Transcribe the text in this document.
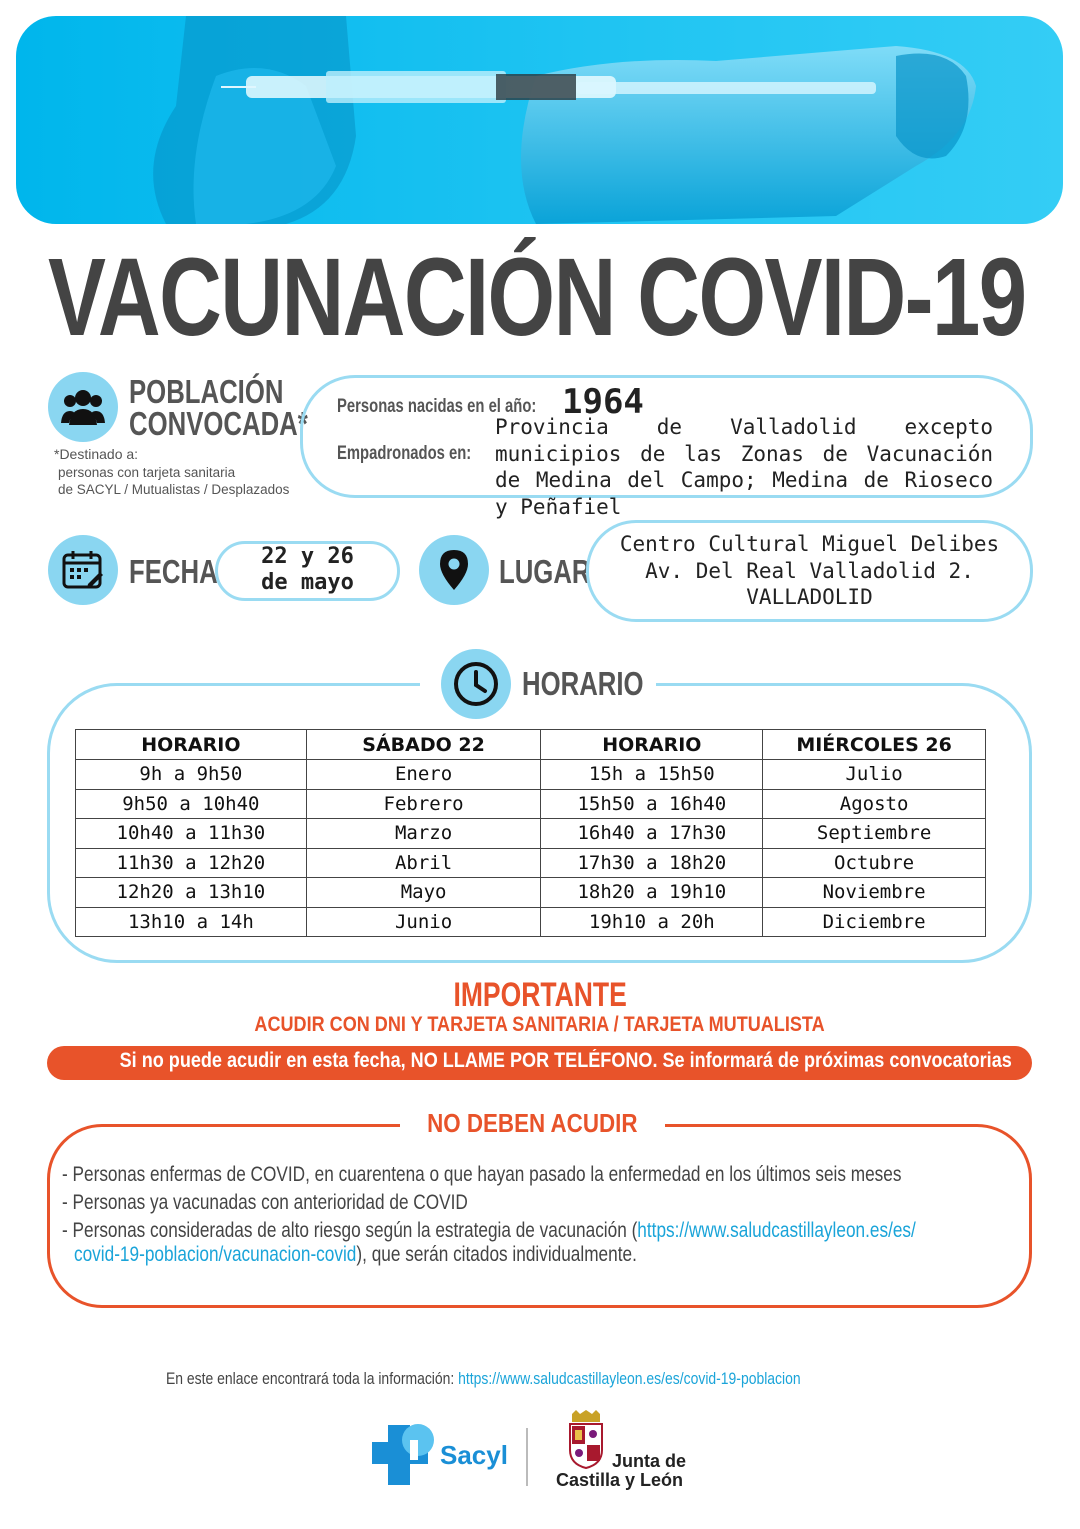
VACUNACIÓN COVID-19
POBLACIÓN
CONVOCADA*
*Destinado a:
personas con tarjeta sanitaria
de SACYL / Mutualistas / Desplazados
Personas nacidas en el año: 1964
Empadronados en:
Provincia de Valladolid excepto municipios de las Zonas de Vacunación de Medina del Campo; Medina de Rioseco y Peñafiel
FECHA	22 y 26
de mayo	LUGAR
Centro Cultural Miguel Delibes
Av. Del Real Valladolid 2.
VALLADOLID
HORARIO
HORARIO	SÁBADO 22	HORARIO	MIÉRCOLES 26
9h a 9h50	Enero	15h a 15h50	Julio
9h50 a 10h40	Febrero	15h50 a 16h40	Agosto
10h40 a 11h30	Marzo	16h40 a 17h30	Septiembre
11h30 a 12h20	Abril	17h30 a 18h20	Octubre
12h20 a 13h10	Mayo	18h20 a 19h10	Noviembre
13h10 a 14h	Junio	19h10 a 20h	Diciembre
IMPORTANTE
ACUDIR CON DNI Y TARJETA SANITARIA / TARJETA MUTUALISTA
Si no puede acudir en esta fecha, NO LLAME POR TELÉFONO. Se informará de próximas convocatorias
NO DEBEN ACUDIR
- Personas enfermas de COVID, en cuarentena o que hayan pasado la enfermedad en los últimos seis meses
- Personas ya vacunadas con anterioridad de COVID
- Personas consideradas de alto riesgo según la estrategia de vacunación (https://www.saludcastillayleon.es/es/
covid-19-poblacion/vacunacion-covid), que serán citados individualmente.
En este enlace encontrará toda la información: https://www.saludcastillayleon.es/es/covid-19-poblacion
Sacyl	Junta de
Castilla y León
